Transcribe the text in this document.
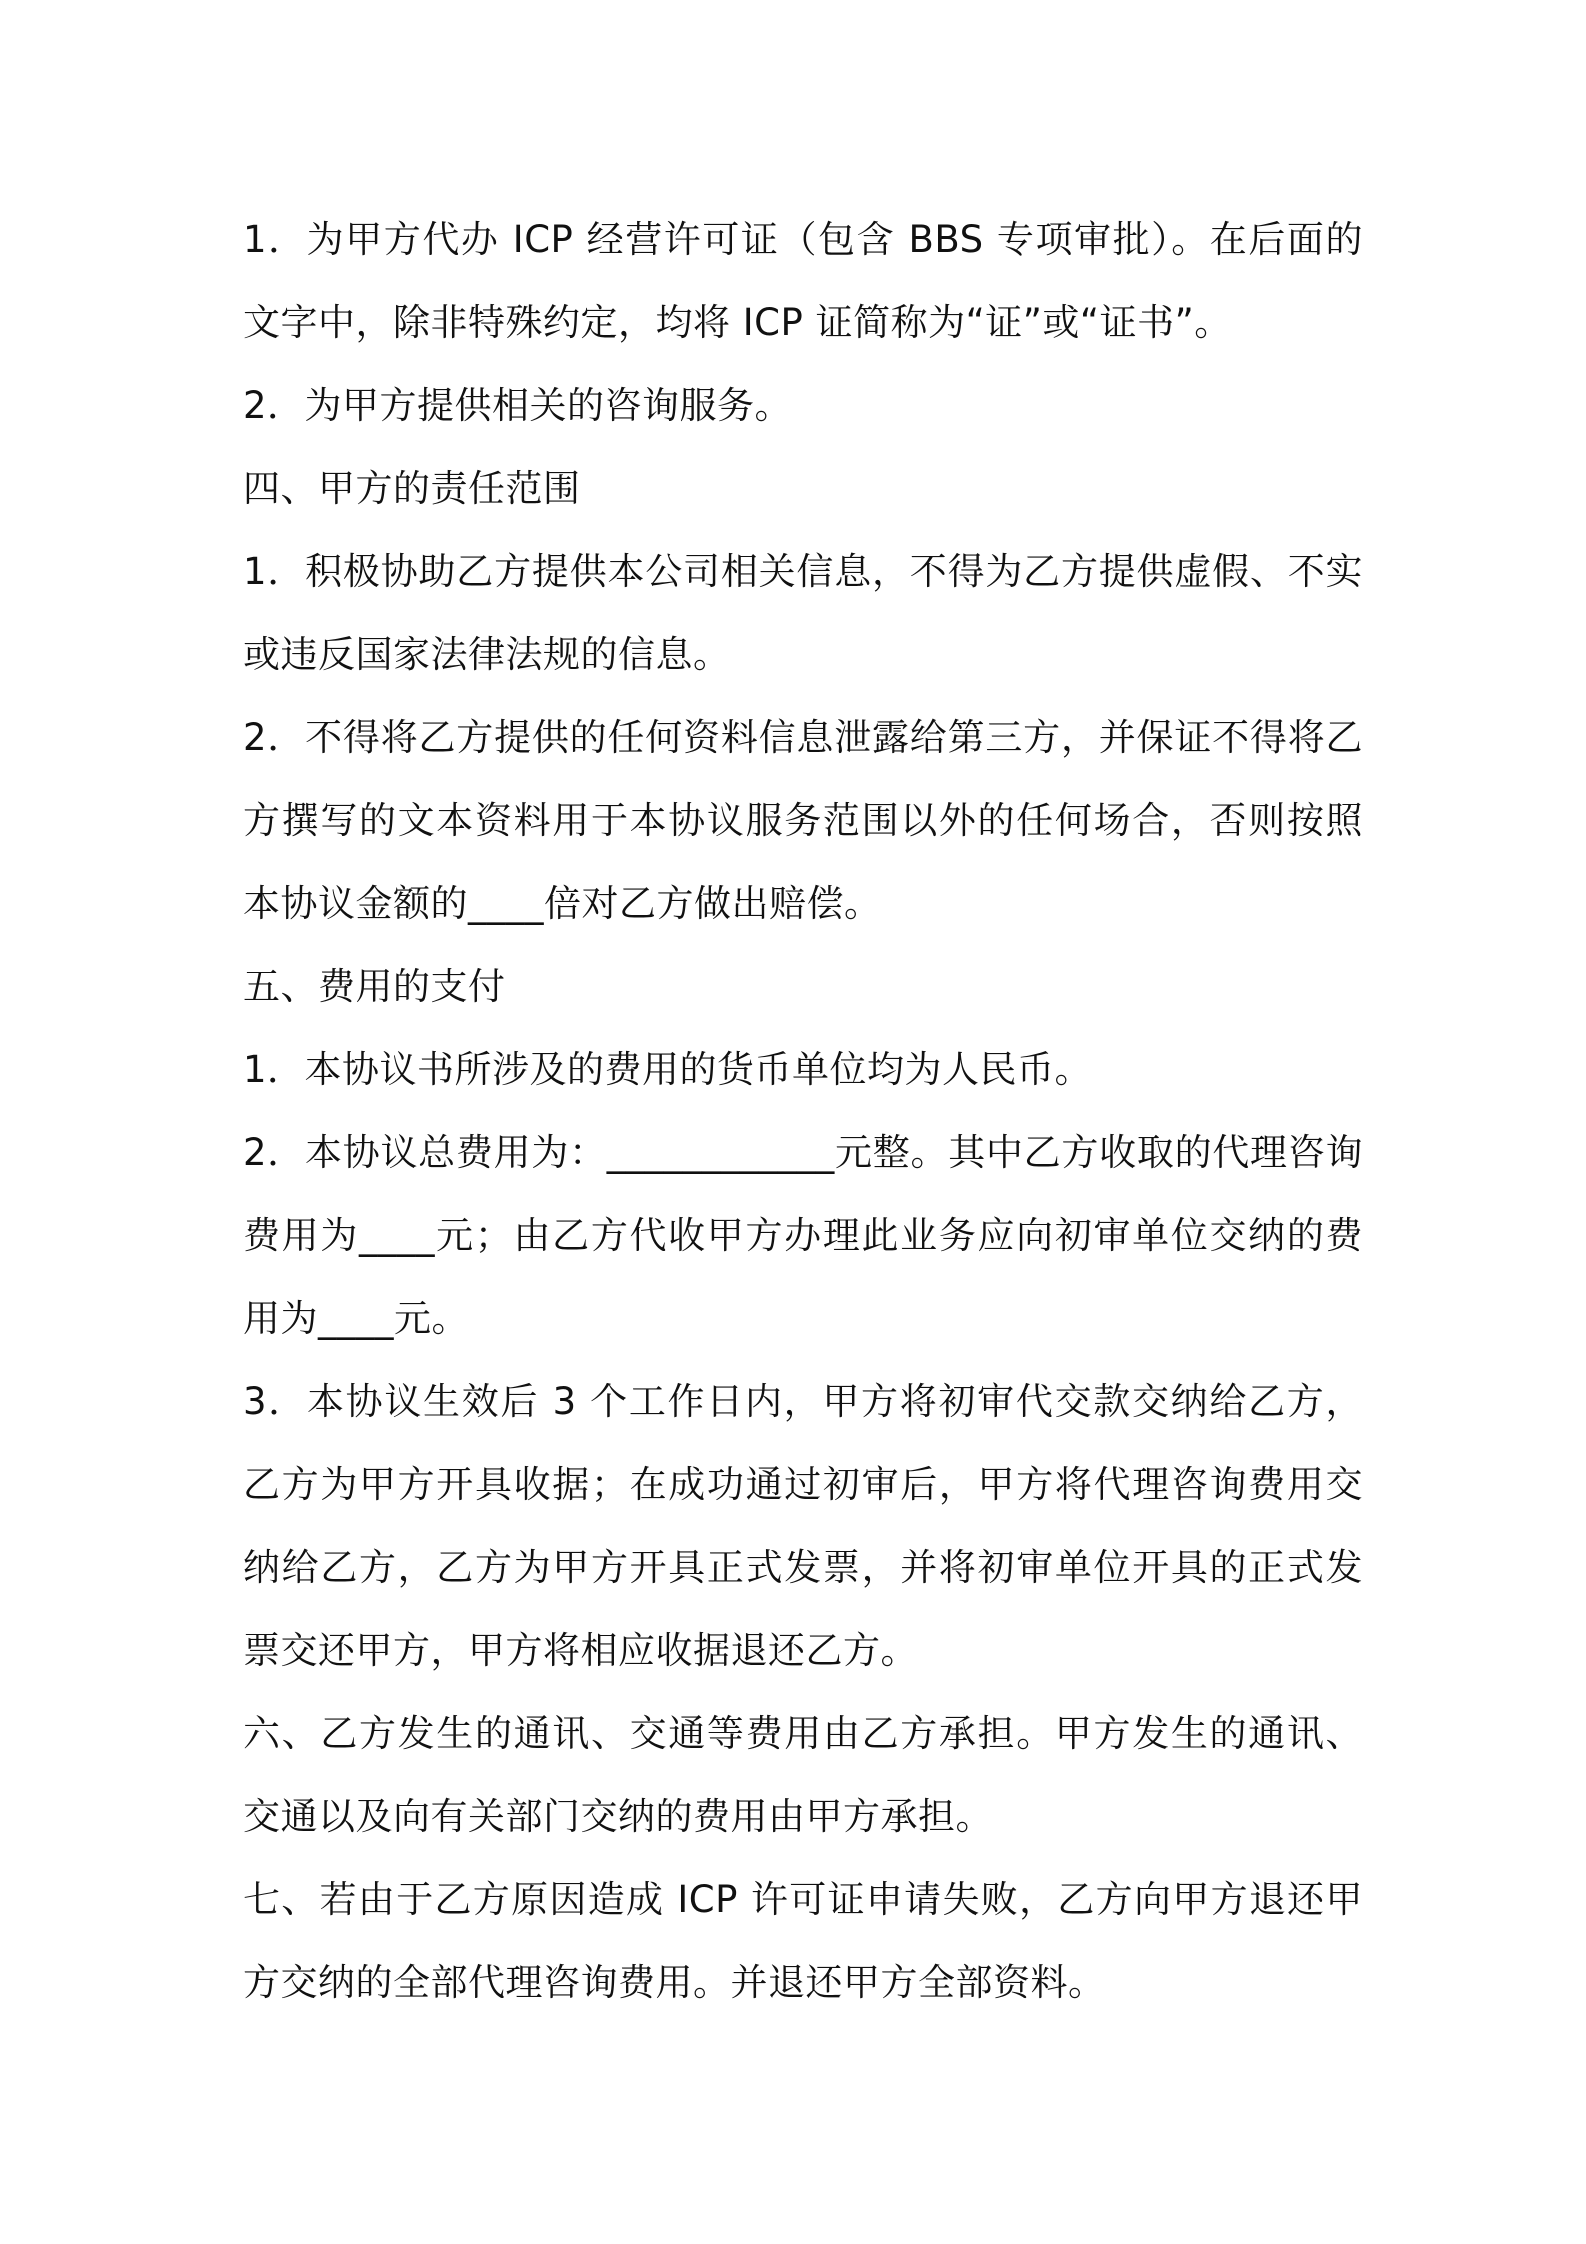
1．为甲方代办 ICP 经营许可证（包含 BBS 专项审批）。在后面的文字中，除非特殊约定，均将 ICP 证简称为“证”或“证书”。

2．为甲方提供相关的咨询服务。

四、甲方的责任范围

1．积极协助乙方提供本公司相关信息，不得为乙方提供虚假、不实或违反国家法律法规的信息。

2．不得将乙方提供的任何资料信息泄露给第三方，并保证不得将乙方撰写的文本资料用于本协议服务范围以外的任何场合，否则按照本协议金额的____倍对乙方做出赔偿。

五、费用的支付

1．本协议书所涉及的费用的货币单位均为人民币。

2．本协议总费用为：____________元整。其中乙方收取的代理咨询费用为____元；由乙方代收甲方办理此业务应向初审单位交纳的费用为____元。

3．本协议生效后 3 个工作日内，甲方将初审代交款交纳给乙方，乙方为甲方开具收据；在成功通过初审后，甲方将代理咨询费用交纳给乙方，乙方为甲方开具正式发票，并将初审单位开具的正式发票交还甲方，甲方将相应收据退还乙方。

六、乙方发生的通讯、交通等费用由乙方承担。甲方发生的通讯、交通以及向有关部门交纳的费用由甲方承担。

七、若由于乙方原因造成 ICP 许可证申请失败，乙方向甲方退还甲方交纳的全部代理咨询费用。并退还甲方全部资料。
